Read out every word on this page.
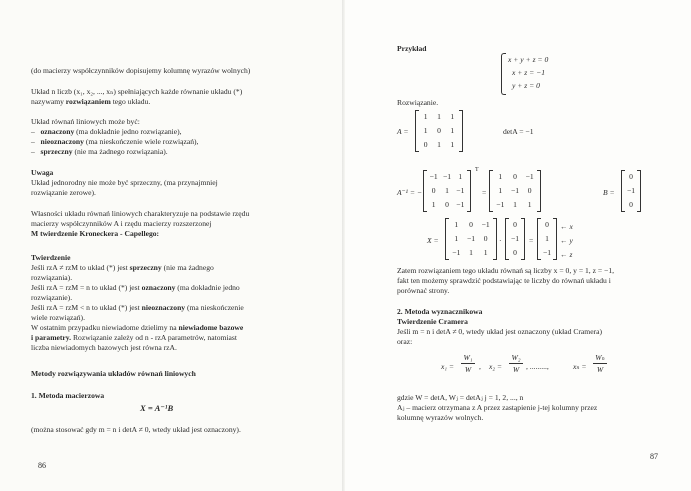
(do macierzy współczynników dopisujemy kolumnę wyrazów wolnych)
Układ n liczb (x₁, x₂, ..., xₙ) spełniających każde równanie układu (*)
nazywamy rozwiązaniem tego układu.
Układ równań liniowych może być:
–   oznaczony (ma dokładnie jedno rozwiązanie),
–   nieoznaczony (ma nieskończenie wiele rozwiązań),
–   sprzeczny (nie ma żadnego rozwiązania).
Uwaga
Układ jednorodny nie może być sprzeczny, (ma przynajmniej
rozwiązanie zerowe).
Własności układu równań liniowych charakteryzuje na podstawie rzędu
macierzy współczynników A i rzędu macierzy rozszerzonej
M twierdzenie Kroneckera - Capellego:
Twierdzenie
Jeśli rzA ≠ rzM to układ (*) jest sprzeczny (nie ma żadnego
rozwiązania).
Jeśli rzA = rzM = n to układ (*) jest oznaczony (ma dokładnie jedno
rozwiązanie).
Jeśli rzA = rzM < n to układ (*) jest nieoznaczony (ma nieskończenie
wiele rozwiązań).
W ostatnim przypadku niewiadome dzielimy na niewiadome bazowe
i parametry. Rozwiązanie zależy od n - rzA parametrów, natomiast
liczba niewiadomych bazowych jest równa rzA.
Metody rozwiązywania układów równań liniowych
1. Metoda macierzowa
X = A⁻¹B
(można stosować gdy m = n i detA ≠ 0, wtedy układ jest oznaczony).
86
Przykład
x + y + z = 0
x + z = −1
y + z = 0
Rozwiązanie.
A =
1	1	1
1	0	1
0	1	1
detA = −1
A⁻¹ = −
−1 −1 1
0	1 −1
1	0 −1
T
=
1	0	−1
1	−1	0
−1	1	1
B =
0
−1
0
X =
1	0	−1
1	−1	0
−1	1	1
·
0
−1
0
=
0
1
−1
← x
← y
← z
Zatem rozwiązaniem tego układu równań są liczby x = 0, y = 1, z = −1,
fakt ten możemy sprawdzić podstawiając te liczby do równań układu i
porównać strony.
2. Metoda wyznacznikowa
Twierdzenie Cramera
Jeśli m = n i detA ≠ 0, wtedy układ jest oznaczony (układ Cramera)
oraz:
x₁ =
W₁
W	, x₂ =
W₂
W , .........,	xₙ =
Wₙ
W
gdzie W = detA, Wⱼ = detAⱼ j = 1, 2, ..., n
Aⱼ – macierz otrzymana z A przez zastąpienie j-tej kolumny przez
kolumnę wyrazów wolnych.
87
